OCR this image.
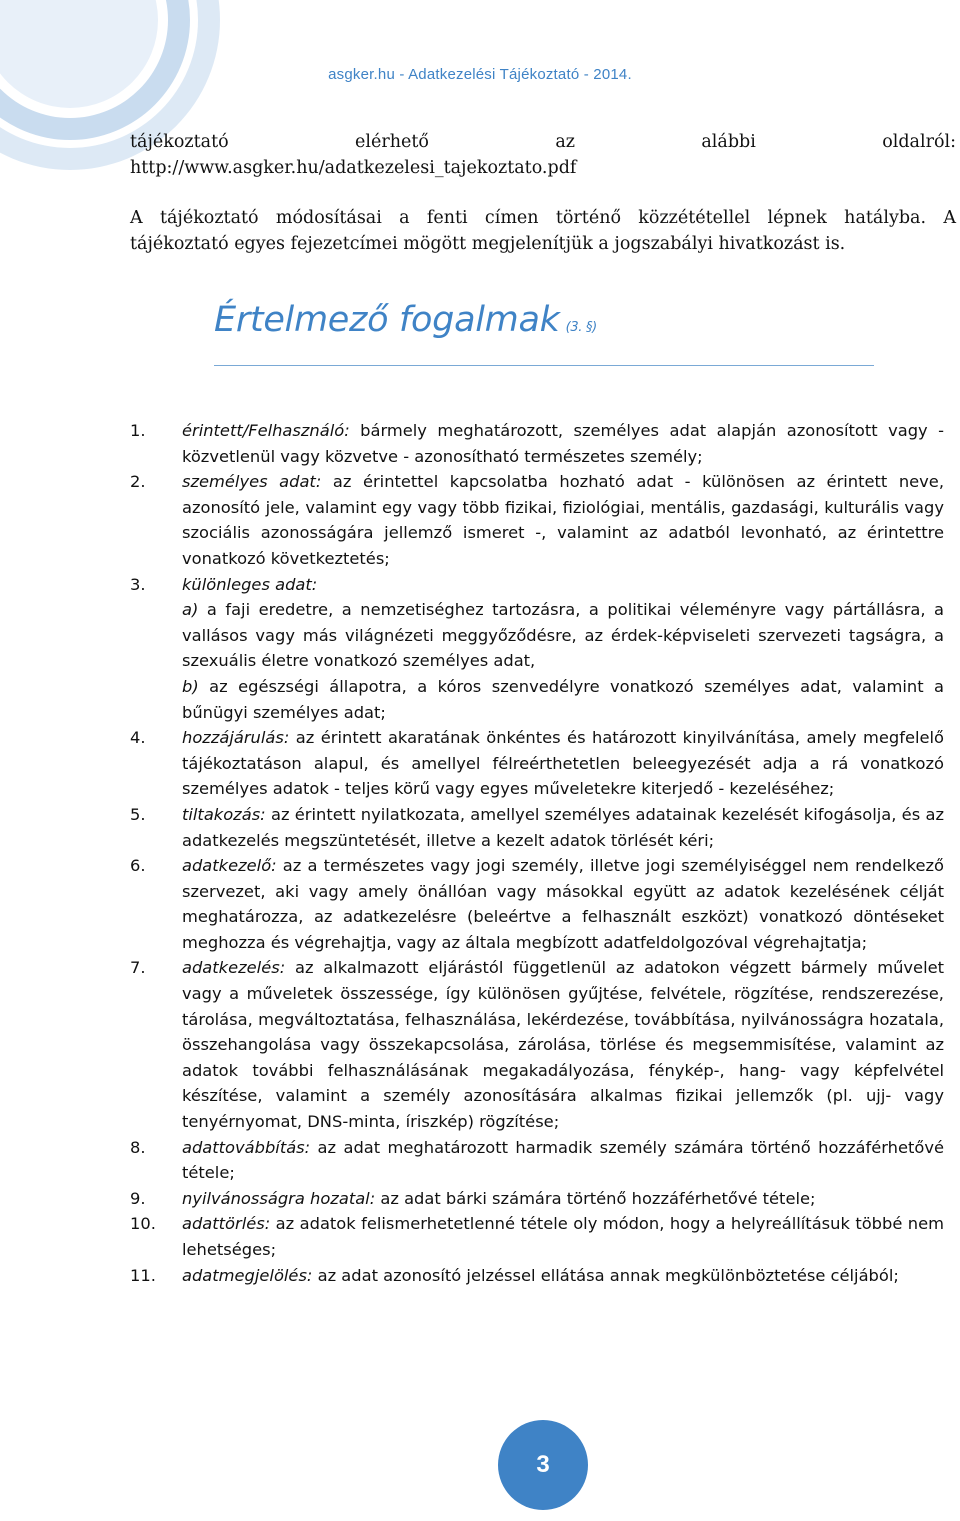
asgker.hu - Adatkezelési Tájékoztató - 2014.
tájékoztató	elérhető	az	alábbi	oldalról:
http://www.asgker.hu/adatkezelesi_tajekoztato.pdf
A tájékoztató módosításai a fenti címen történő közzététellel lépnek hatályba. A
tájékoztató egyes fejezetcímei mögött megjelenítjük a jogszabályi hivatkozást is.
Értelmező fogalmak (3. §)
1. érintett/Felhasználó: bármely meghatározott, személyes adat alapján azonosított vagy - közvetlenül vagy közvetve - azonosítható természetes személy;
2. személyes adat: az érintettel kapcsolatba hozható adat - különösen az érintett neve, azonosító jele, valamint egy vagy több fizikai, fiziológiai, mentális, gazdasági, kulturális vagy szociális azonosságára jellemző ismeret -, valamint az adatból levonható, az érintettre vonatkozó következtetés;
3. különleges adat:
a) a faji eredetre, a nemzetiséghez tartozásra, a politikai véleményre vagy pártállásra, a vallásos vagy más világnézeti meggyőződésre, az érdek-képviseleti szervezeti tagságra, a szexuális életre vonatkozó személyes adat,
b) az egészségi állapotra, a kóros szenvedélyre vonatkozó személyes adat, valamint a bűnügyi személyes adat;
4. hozzájárulás: az érintett akaratának önkéntes és határozott kinyilvánítása, amely megfelelő tájékoztatáson alapul, és amellyel félreérthetetlen beleegyezését adja a rá vonatkozó személyes adatok - teljes körű vagy egyes műveletekre kiterjedő - kezeléséhez;
5. tiltakozás: az érintett nyilatkozata, amellyel személyes adatainak kezelését kifogásolja, és az adatkezelés megszüntetését, illetve a kezelt adatok törlését kéri;
6. adatkezelő: az a természetes vagy jogi személy, illetve jogi személyiséggel nem rendelkező szervezet, aki vagy amely önállóan vagy másokkal együtt az adatok kezelésének célját meghatározza, az adatkezelésre (beleértve a felhasznált eszközt) vonatkozó döntéseket meghozza és végrehajtja, vagy az általa megbízott adatfeldolgozóval végrehajtatja;
7. adatkezelés: az alkalmazott eljárástól függetlenül az adatokon végzett bármely művelet vagy a műveletek összessége, így különösen gyűjtése, felvétele, rögzítése, rendszerezése, tárolása, megváltoztatása, felhasználása, lekérdezése, továbbítása, nyilvánosságra hozatala, összehangolása vagy összekapcsolása, zárolása, törlése és megsemmisítése, valamint az adatok további felhasználásának megakadályozása, fénykép-, hang- vagy képfelvétel készítése, valamint a személy azonosítására alkalmas fizikai jellemzők (pl. ujj- vagy tenyérnyomat, DNS-minta, íriszkép) rögzítése;
8. adattovábbítás: az adat meghatározott harmadik személy számára történő hozzáférhetővé tétele;
9. nyilvánosságra hozatal: az adat bárki számára történő hozzáférhetővé tétele;
10. adattörlés: az adatok felismerhetetlenné tétele oly módon, hogy a helyreállításuk többé nem lehetséges;
11. adatmegjelölés: az adat azonosító jelzéssel ellátása annak megkülönböztetése céljából;
3
